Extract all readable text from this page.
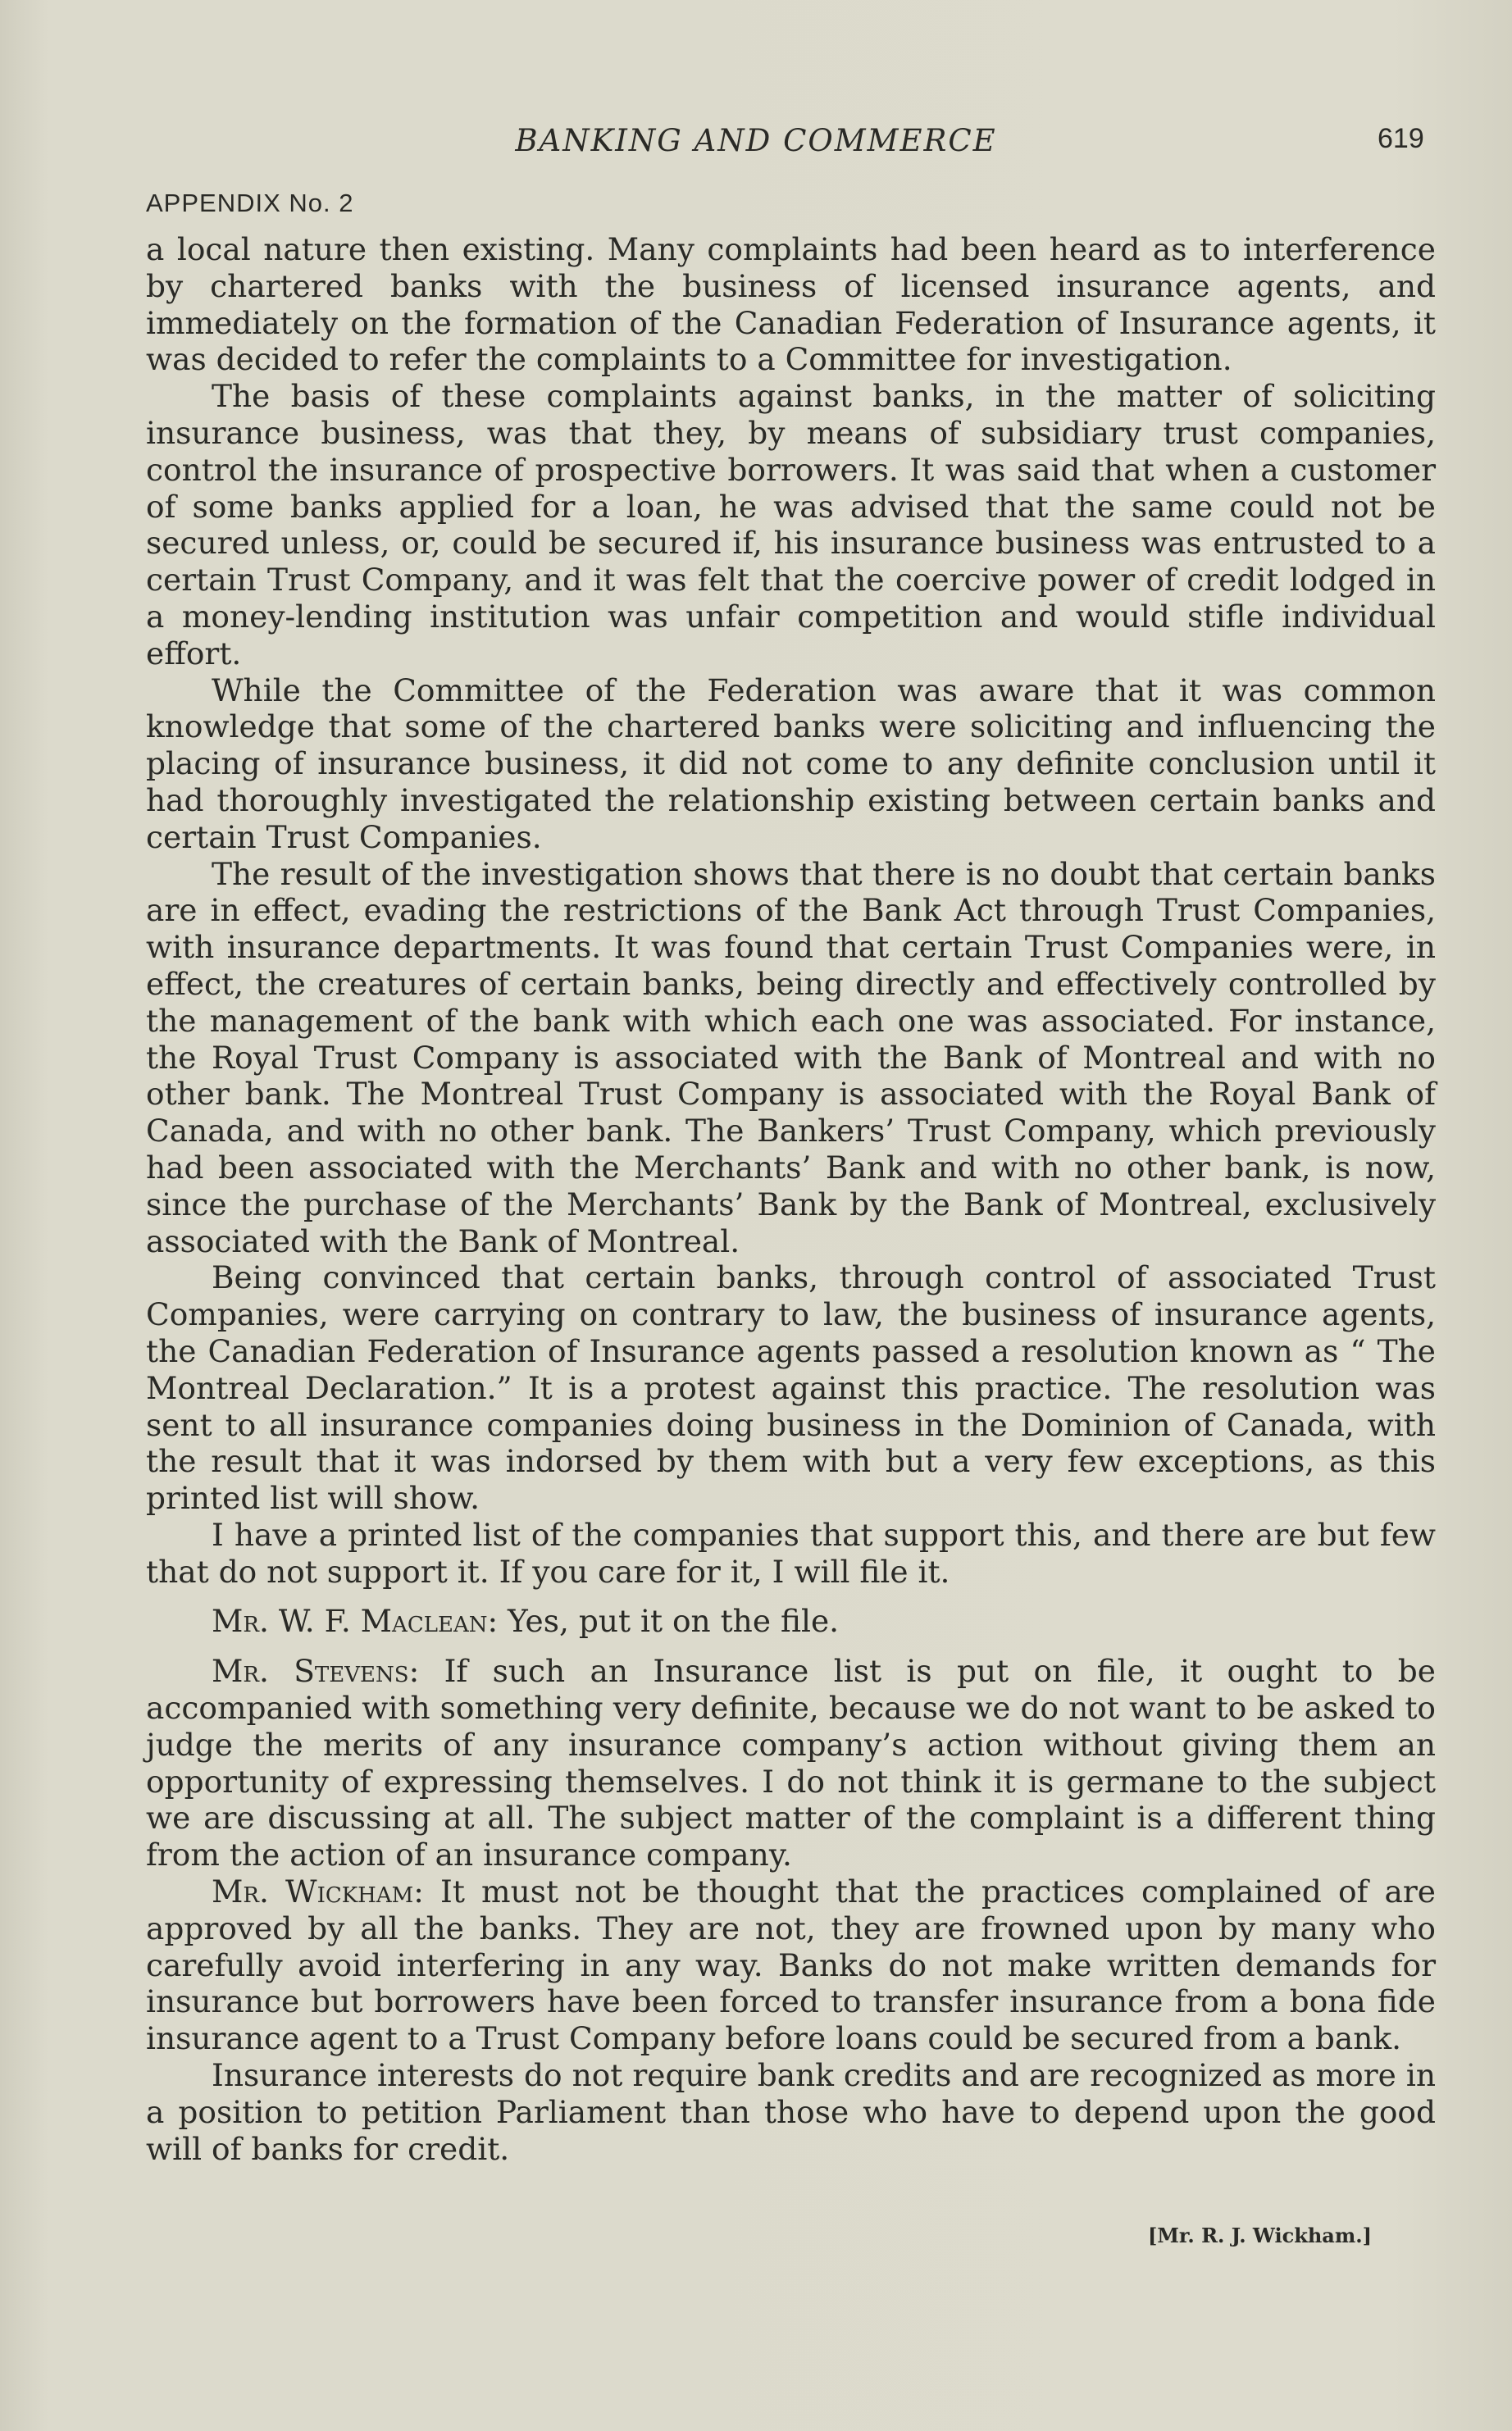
BANKING AND COMMERCE	619
APPENDIX No. 2

a local nature then existing. Many complaints had been heard as to interference by chartered banks with the business of licensed insurance agents, and immediately on the formation of the Canadian Federation of Insurance agents, it was decided to refer the complaints to a Committee for investigation.

The basis of these complaints against banks, in the matter of soliciting insurance business, was that they, by means of subsidiary trust companies, control the insurance of prospective borrowers. It was said that when a customer of some banks applied for a loan, he was advised that the same could not be secured unless, or, could be secured if, his insurance business was entrusted to a certain Trust Company, and it was felt that the coercive power of credit lodged in a money-lending institution was unfair competition and would stifle individual effort.

While the Committee of the Federation was aware that it was common knowledge that some of the chartered banks were soliciting and influencing the placing of insurance business, it did not come to any definite conclusion until it had thoroughly investigated the relationship existing between certain banks and certain Trust Companies.

The result of the investigation shows that there is no doubt that certain banks are in effect, evading the restrictions of the Bank Act through Trust Companies, with insurance departments. It was found that certain Trust Companies were, in effect, the creatures of certain banks, being directly and effectively controlled by the management of the bank with which each one was associated. For instance, the Royal Trust Company is associated with the Bank of Montreal and with no other bank. The Montreal Trust Company is associated with the Royal Bank of Canada, and with no other bank. The Bankers’ Trust Company, which previously had been associated with the Merchants’ Bank and with no other bank, is now, since the purchase of the Merchants’ Bank by the Bank of Montreal, exclusively associated with the Bank of Montreal.

Being convinced that certain banks, through control of associated Trust Companies, were carrying on contrary to law, the business of insurance agents, the Canadian Federation of Insurance agents passed a resolution known as “ The Montreal Declaration.” It is a protest against this practice. The resolution was sent to all insurance companies doing business in the Dominion of Canada, with the result that it was indorsed by them with but a very few exceptions, as this printed list will show.

I have a printed list of the companies that support this, and there are but few that do not support it. If you care for it, I will file it.

Mr. W. F. Maclean: Yes, put it on the file.

Mr. Stevens: If such an Insurance list is put on file, it ought to be accompanied with something very definite, because we do not want to be asked to judge the merits of any insurance company’s action without giving them an opportunity of expressing themselves. I do not think it is germane to the subject we are discussing at all. The subject matter of the complaint is a different thing from the action of an insurance company.

Mr. Wickham: It must not be thought that the practices complained of are approved by all the banks. They are not, they are frowned upon by many who carefully avoid interfering in any way. Banks do not make written demands for insurance but borrowers have been forced to transfer insurance from a bona fide insurance agent to a Trust Company before loans could be secured from a bank.

Insurance interests do not require bank credits and are recognized as more in a position to petition Parliament than those who have to depend upon the good will of banks for credit.

[Mr. R. J. Wickham.]
